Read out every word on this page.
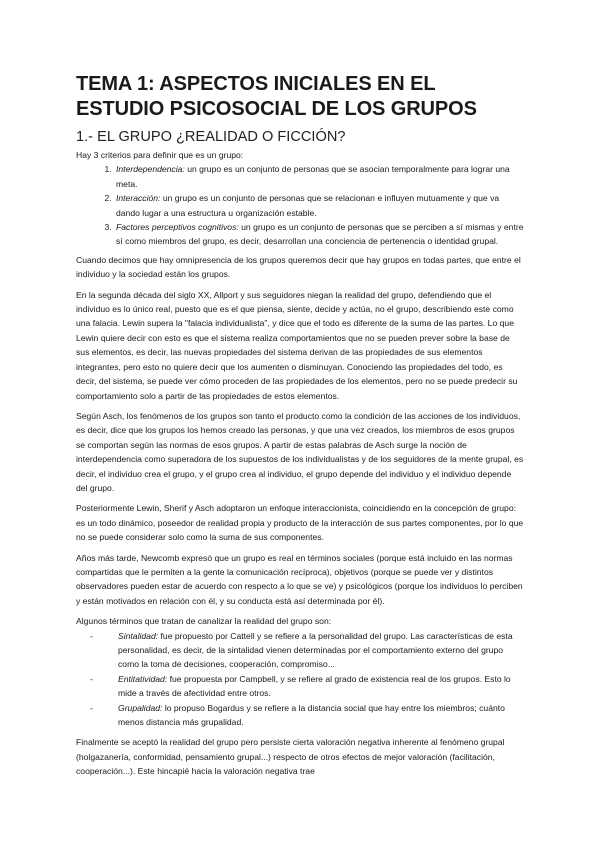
TEMA 1: ASPECTOS INICIALES EN EL ESTUDIO PSICOSOCIAL DE LOS GRUPOS
1.- EL GRUPO ¿REALIDAD O FICCIÓN?

Hay 3 criterios para definir que es un grupo:

1. Interdependencia: un grupo es un conjunto de personas que se asocian temporalmente para lograr una meta.
2. Interacción: un grupo es un conjunto de personas que se relacionan e influyen mutuamente y que va dando lugar a una estructura u organización estable.
3. Factores perceptivos cognitivos: un grupo es un conjunto de personas que se perciben a sí mismas y entre sí como miembros del grupo, es decir, desarrollan una conciencia de pertenencia o identidad grupal.

Cuando decimos que hay omnipresencia de los grupos queremos decir que hay grupos en todas partes, que entre el individuo y la sociedad están los grupos.

En la segunda década del siglo XX, Allport y sus seguidores niegan la realidad del grupo, defendiendo que el individuo es lo único real, puesto que es el que piensa, siente, decide y actúa, no el grupo, describiendo este como una falacia. Lewin supera la "falacia individualista", y dice que el todo es diferente de la suma de las partes. Lo que Lewin quiere decir con esto es que el sistema realiza comportamientos que no se pueden prever sobre la base de sus elementos, es decir, las nuevas propiedades del sistema derivan de las propiedades de sus elementos integrantes, pero esto no quiere decir que los aumenten o disminuyan. Conociendo las propiedades del todo, es decir, del sistema, se puede ver cómo proceden de las propiedades de los elementos, pero no se puede predecir su comportamiento solo a partir de las propiedades de estos elementos.

Según Asch, los fenómenos de los grupos son tanto el producto como la condición de las acciones de los individuos, es decir, dice que los grupos los hemos creado las personas, y que una vez creados, los miembros de esos grupos se comportan según las normas de esos grupos. A partir de estas palabras de Asch surge la noción de interdependencia como superadora de los supuestos de los individualistas y de los seguidores de la mente grupal, es decir, el individuo crea el grupo, y el grupo crea al individuo, el grupo depende del individuo y el individuo depende del grupo.

Posteriormente Lewin, Sherif y Asch adoptaron un enfoque interaccionista, coincidiendo en la concepción de grupo: es un todo dinámico, poseedor de realidad propia y producto de la interacción de sus partes componentes, por lo que no se puede considerar solo como la suma de sus componentes.

Años más tarde, Newcomb expresó que un grupo es real en términos sociales (porque está incluido en las normas compartidas que le permiten a la gente la comunicación recíproca), objetivos (porque se puede ver y distintos observadores pueden estar de acuerdo con respecto a lo que se ve) y psicológicos (porque los individuos lo perciben y están motivados en relación con él, y su conducta está así determinada por él).

Algunos términos que tratan de canalizar la realidad del grupo son:

-	Sintalidad: fue propuesto por Cattell y se refiere a la personalidad del grupo. Las características de esta personalidad, es decir, de la sintalidad vienen determinadas por el comportamiento externo del grupo como la toma de decisiones, cooperación, compromiso...
-	Entitatividad: fue propuesta por Campbell, y se refiere al grado de existencia real de los grupos. Esto lo mide a través de afectividad entre otros.
-	Grupalidad: lo propuso Bogardus y se refiere a la distancia social que hay entre los miembros; cuánto menos distancia más grupalidad.

Finalmente se aceptó la realidad del grupo pero persiste cierta valoración negativa inherente al fenómeno grupal (holgazanería, conformidad, pensamiento grupal...) respecto de otros efectos de mejor valoración (facilitación, cooperación...). Este hincapié hacia la valoración negativa trae
